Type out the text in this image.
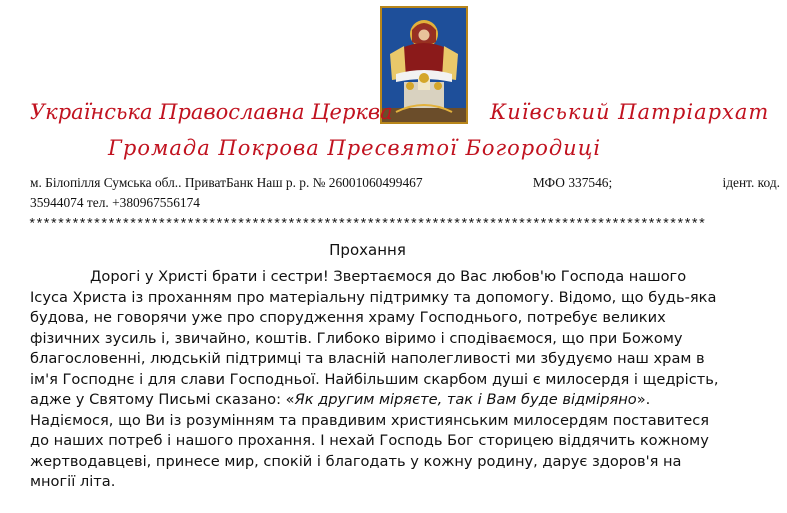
Українська Православна Церква	Київський Патріархат
Громада Покрова Пресвятої Богородиці
м. Білопілля Сумська обл.. ПриватБанк Наш р. р. № 26001060499467	МФО 337546;	ідент. код.
35944074 тел. +380967556174
**********************************************************************************************
Прохання
Дорогі у Христі брати і сестри! Звертаємося до Вас любов'ю Господа нашого
Ісуса Христа із проханням про матеріальну підтримку та допомогу. Відомо, що будь-яка
будова, не говорячи уже про спорудження храму Господнього, потребує великих
фізичних зусиль і, звичайно, коштів. Глибоко віримо і сподіваємося, що при Божому
благословенні, людській підтримці та власній наполегливості ми збудуємо наш храм в
ім'я Господнє і для слави Господньої. Найбільшим скарбом душі є милосердя і щедрість,
адже у Святому Письмі сказано: «Як другим міряєте, так і Вам буде відміряно».
Надіємося, що Ви із розумінням та правдивим християнським милосердям поставитеся
до наших потреб і нашого прохання. І нехай Господь Бог сторицею віддячить кожному
жертводавцеві, принесе мир, спокій і благодать у кожну родину, дарує здоров'я на
многії літа.
